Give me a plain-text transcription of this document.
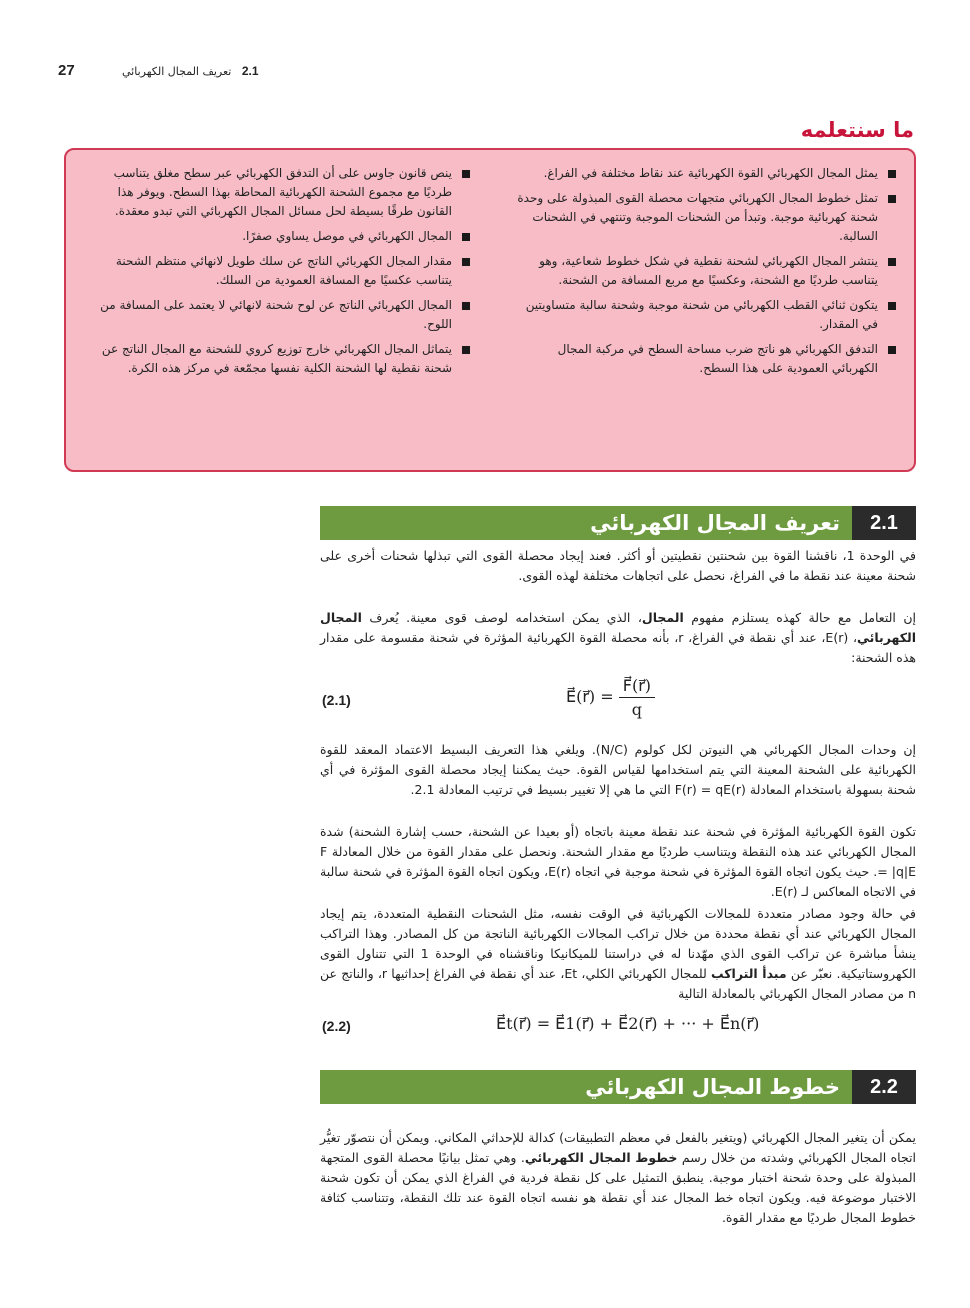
27	2.1   تعريف المجال الكهربائي
ما سنتعلمه
يمثل المجال الكهربائي القوة الكهربائية عند نقاط مختلفة في الفراغ.
تمثل خطوط المجال الكهربائي متجهات محصلة القوى المبذولة على وحدة شحنة كهربائية موجبة. وتبدأ من الشحنات الموجبة وتنتهي في الشحنات السالبة.
ينتشر المجال الكهربائي لشحنة نقطية في شكل خطوط شعاعية، وهو يتناسب طرديًا مع الشحنة، وعكسيًا مع مربع المسافة من الشحنة.
يتكون ثنائي القطب الكهربائي من شحنة موجبة وشحنة سالبة متساويتين في المقدار.
التدفق الكهربائي هو ناتج ضرب مساحة السطح في مركبة المجال الكهربائي العمودية على هذا السطح.
ينص قانون جاوس على أن التدفق الكهربائي عبر سطح مغلق يتناسب طرديًا مع مجموع الشحنة الكهربائية المحاطة بهذا السطح. ويوفر هذا القانون طرقًا بسيطة لحل مسائل المجال الكهربائي التي تبدو معقدة.
المجال الكهربائي في موصل يساوي صفرًا.
مقدار المجال الكهربائي الناتج عن سلك طويل لانهائي منتظم الشحنة يتناسب عكسيًا مع المسافة العمودية من السلك.
المجال الكهربائي الناتج عن لوح شحنة لانهائي لا يعتمد على المسافة من اللوح.
يتماثل المجال الكهربائي خارج توزيع كروي للشحنة مع المجال الناتج عن شحنة نقطية لها الشحنة الكلية نفسها مجمّعة في مركز هذه الكرة.
2.1
تعريف المجال الكهربائي

في الوحدة 1، ناقشنا القوة بين شحنتين نقطيتين أو أكثر. فعند إيجاد محصلة القوى التي تبذلها شحنات أخرى على شحنة معينة عند نقطة ما في الفراغ، نحصل على اتجاهات مختلفة لهذه القوى.

إن التعامل مع حالة كهذه يستلزم مفهوم المجال، الذي يمكن استخدامه لوصف قوى معينة. يُعرف المجال الكهربائي، E(r)، عند أي نقطة في الفراغ، r، بأنه محصلة القوة الكهربائية المؤثرة في شحنة مقسومة على مقدار هذه الشحنة:

(2.1)	E⃗(r⃗) = $\frac{F⃗(r⃗)}{q}$

إن وحدات المجال الكهربائي هي النيوتن لكل كولوم (N/C). ويلغي هذا التعريف البسيط الاعتماد المعقد للقوة الكهربائية على الشحنة المعينة التي يتم استخدامها لقياس القوة. حيث يمكننا إيجاد محصلة القوى المؤثرة في أي شحنة بسهولة باستخدام المعادلة F(r) = qE(r) التي ما هي إلا تغيير بسيط في ترتيب المعادلة 2.1.

تكون القوة الكهربائية المؤثرة في شحنة عند نقطة معينة باتجاه (أو بعيدا عن الشحنة، حسب إشارة الشحنة) شدة المجال الكهربائي عند هذه النقطة ويتناسب طرديًا مع مقدار الشحنة. ونحصل على مقدار القوة من خلال المعادلة F = |q|E. حيث يكون اتجاه القوة المؤثرة في شحنة موجبة في اتجاه E(r)، ويكون اتجاه القوة المؤثرة في شحنة سالبة في الاتجاه المعاكس لـ E(r).

في حالة وجود مصادر متعددة للمجالات الكهربائية في الوقت نفسه، مثل الشحنات النقطية المتعددة، يتم إيجاد المجال الكهربائي عند أي نقطة محددة من خلال تراكب المجالات الكهربائية الناتجة من كل المصادر. وهذا التراكب ينشأ مباشرة عن تراكب القوى الذي مهّدنا له في دراستنا للميكانيكا وناقشناه في الوحدة 1 التي تتناول القوى الكهروستاتيكية. نعبّر عن مبدأ التراكب للمجال الكهربائي الكلي، Et، عند أي نقطة في الفراغ إحداثيها r، والناتج عن n من مصادر المجال الكهربائي بالمعادلة التالية

(2.2)	E⃗t(r⃗) = E⃗1(r⃗) + E⃗2(r⃗) + ··· + E⃗n(r⃗)
2.2
خطوط المجال الكهربائي

يمكن أن يتغير المجال الكهربائي (ويتغير بالفعل في معظم التطبيقات) كدالة للإحداثي المكاني. ويمكن أن نتصوّر تغيُّر اتجاه المجال الكهربائي وشدته من خلال رسم خطوط المجال الكهربائي. وهي تمثل بيانيًا محصلة القوى المتجهة المبذولة على وحدة شحنة اختبار موجبة. ينطبق التمثيل على كل نقطة فردية في الفراغ الذي يمكن أن تكون شحنة الاختبار موضوعة فيه. ويكون اتجاه خط المجال عند أي نقطة هو نفسه اتجاه القوة عند تلك النقطة، وتتناسب كثافة خطوط المجال طرديًا مع مقدار القوة.
